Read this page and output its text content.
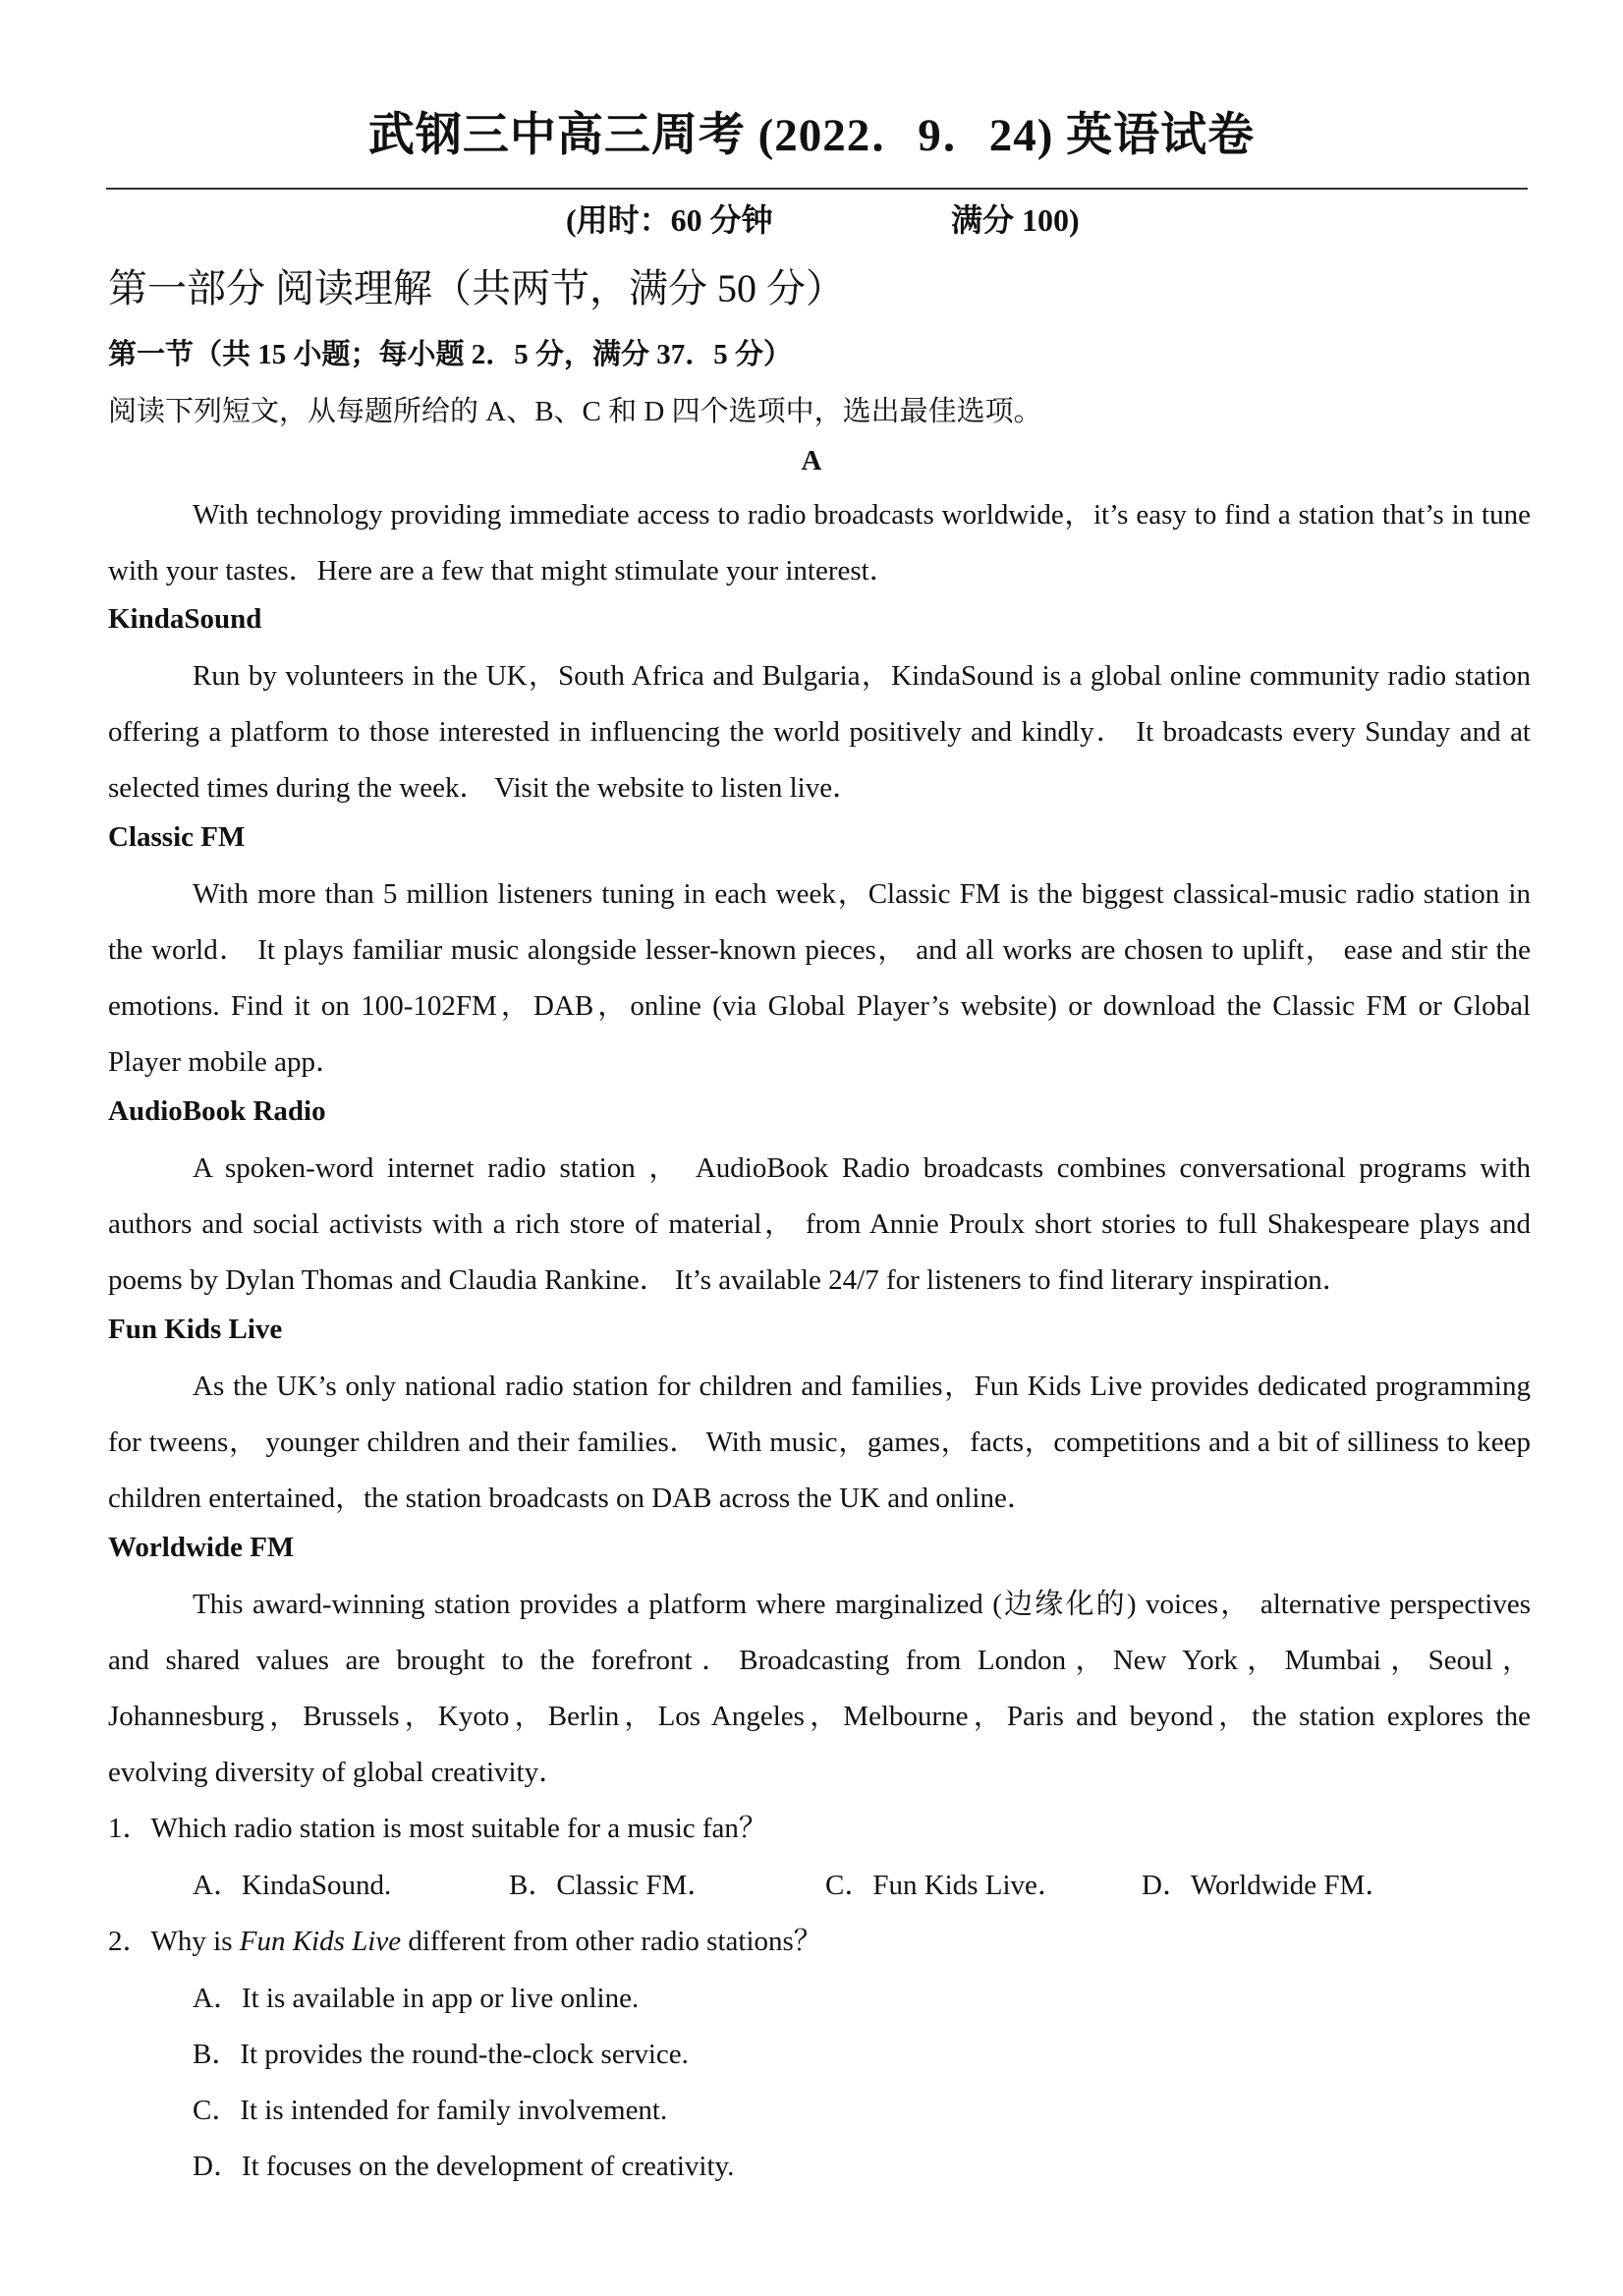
武钢三中高三周考 (2022．9．24) 英语试卷
(用时：60 分钟	满分 100)
第一部分 阅读理解（共两节，满分 50 分）
第一节（共 15 小题；每小题 2．5 分，满分 37．5 分）
阅读下列短文，从每题所给的 A、B、C 和 D 四个选项中，选出最佳选项。
A

With technology providing immediate access to radio broadcasts worldwide，it’s easy to find a station that’s in tune with your tastes．Here are a few that might stimulate your interest．

KindaSound

Run by volunteers in the UK，South Africa and Bulgaria，KindaSound is a global online community radio station offering a platform to those interested in influencing the world positively and kindly． It broadcasts every Sunday and at selected times during the week． Visit the website to listen live．

Classic FM

With more than 5 million listeners tuning in each week，Classic FM is the biggest classical-music radio station in the world． It plays familiar music alongside lesser-known pieces， and all works are chosen to uplift， ease and stir the emotions. Find it on 100-102FM，DAB，online (via Global Player’s website) or download the Classic FM or Global Player mobile app．

AudioBook Radio

A spoken-word internet radio station ， AudioBook Radio broadcasts combines conversational programs with authors and social activists with a rich store of material， from Annie Proulx short stories to full Shakespeare plays and poems by Dylan Thomas and Claudia Rankine． It’s available 24/7 for listeners to find literary inspiration．

Fun Kids Live

As the UK’s only national radio station for children and families，Fun Kids Live provides dedicated programming for tweens， younger children and their families． With music，games，facts，competitions and a bit of silliness to keep children entertained，the station broadcasts on DAB across the UK and online．

Worldwide FM

This award-winning station provides a platform where marginalized (边缘化的) voices， alternative perspectives and shared values are brought to the forefront．Broadcasting from London，New York，Mumbai，Seoul，Johannesburg，Brussels，Kyoto，Berlin，Los Angeles，Melbourne，Paris and beyond，the station explores the evolving diversity of global creativity．

1．Which radio station is most suitable for a music fan？
A．KindaSound.	B．Classic FM．	C．Fun Kids Live．	D．Worldwide FM．
2．Why is Fun Kids Live different from other radio stations？
A．It is available in app or live online.
B．It provides the round-the-clock service.
C．It is intended for family involvement.
D．It focuses on the development of creativity.
